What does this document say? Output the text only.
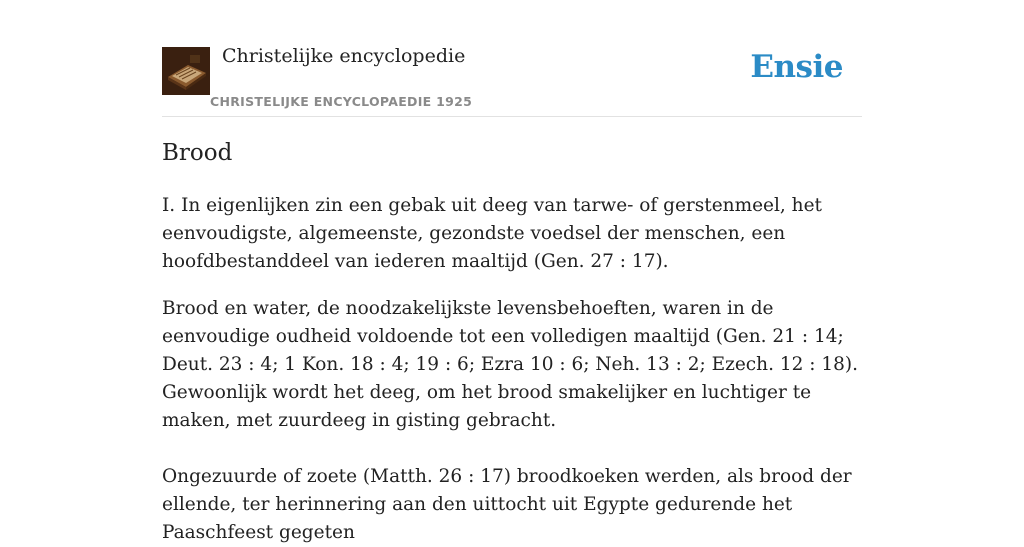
Christelijke encyclopedie
CHRISTELIJKE ENCYCLOPAEDIE 1925
Ensie
Brood

I. In eigenlijken zin een gebak uit deeg van tarwe- of gerstenmeel, het eenvoudigste, algemeenste, gezondste voedsel der menschen, een hoofdbestanddeel van iederen maaltijd (Gen. 27 : 17).

Brood en water, de noodzakelijkste levensbehoeften, waren in de eenvoudige oudheid voldoende tot een volledigen maaltijd (Gen. 21 : 14; Deut. 23 : 4; 1 Kon. 18 : 4; 19 : 6; Ezra 10 : 6; Neh. 13 : 2; Ezech. 12 : 18). Gewoonlijk wordt het deeg, om het brood smakelijker en luchtiger te maken, met zuurdeeg in gisting gebracht.

Ongezuurde of zoete (Matth. 26 : 17) broodkoeken werden, als brood der ellende, ter herinnering aan den uittocht uit Egypte gedurende het Paaschfeest gegeten
